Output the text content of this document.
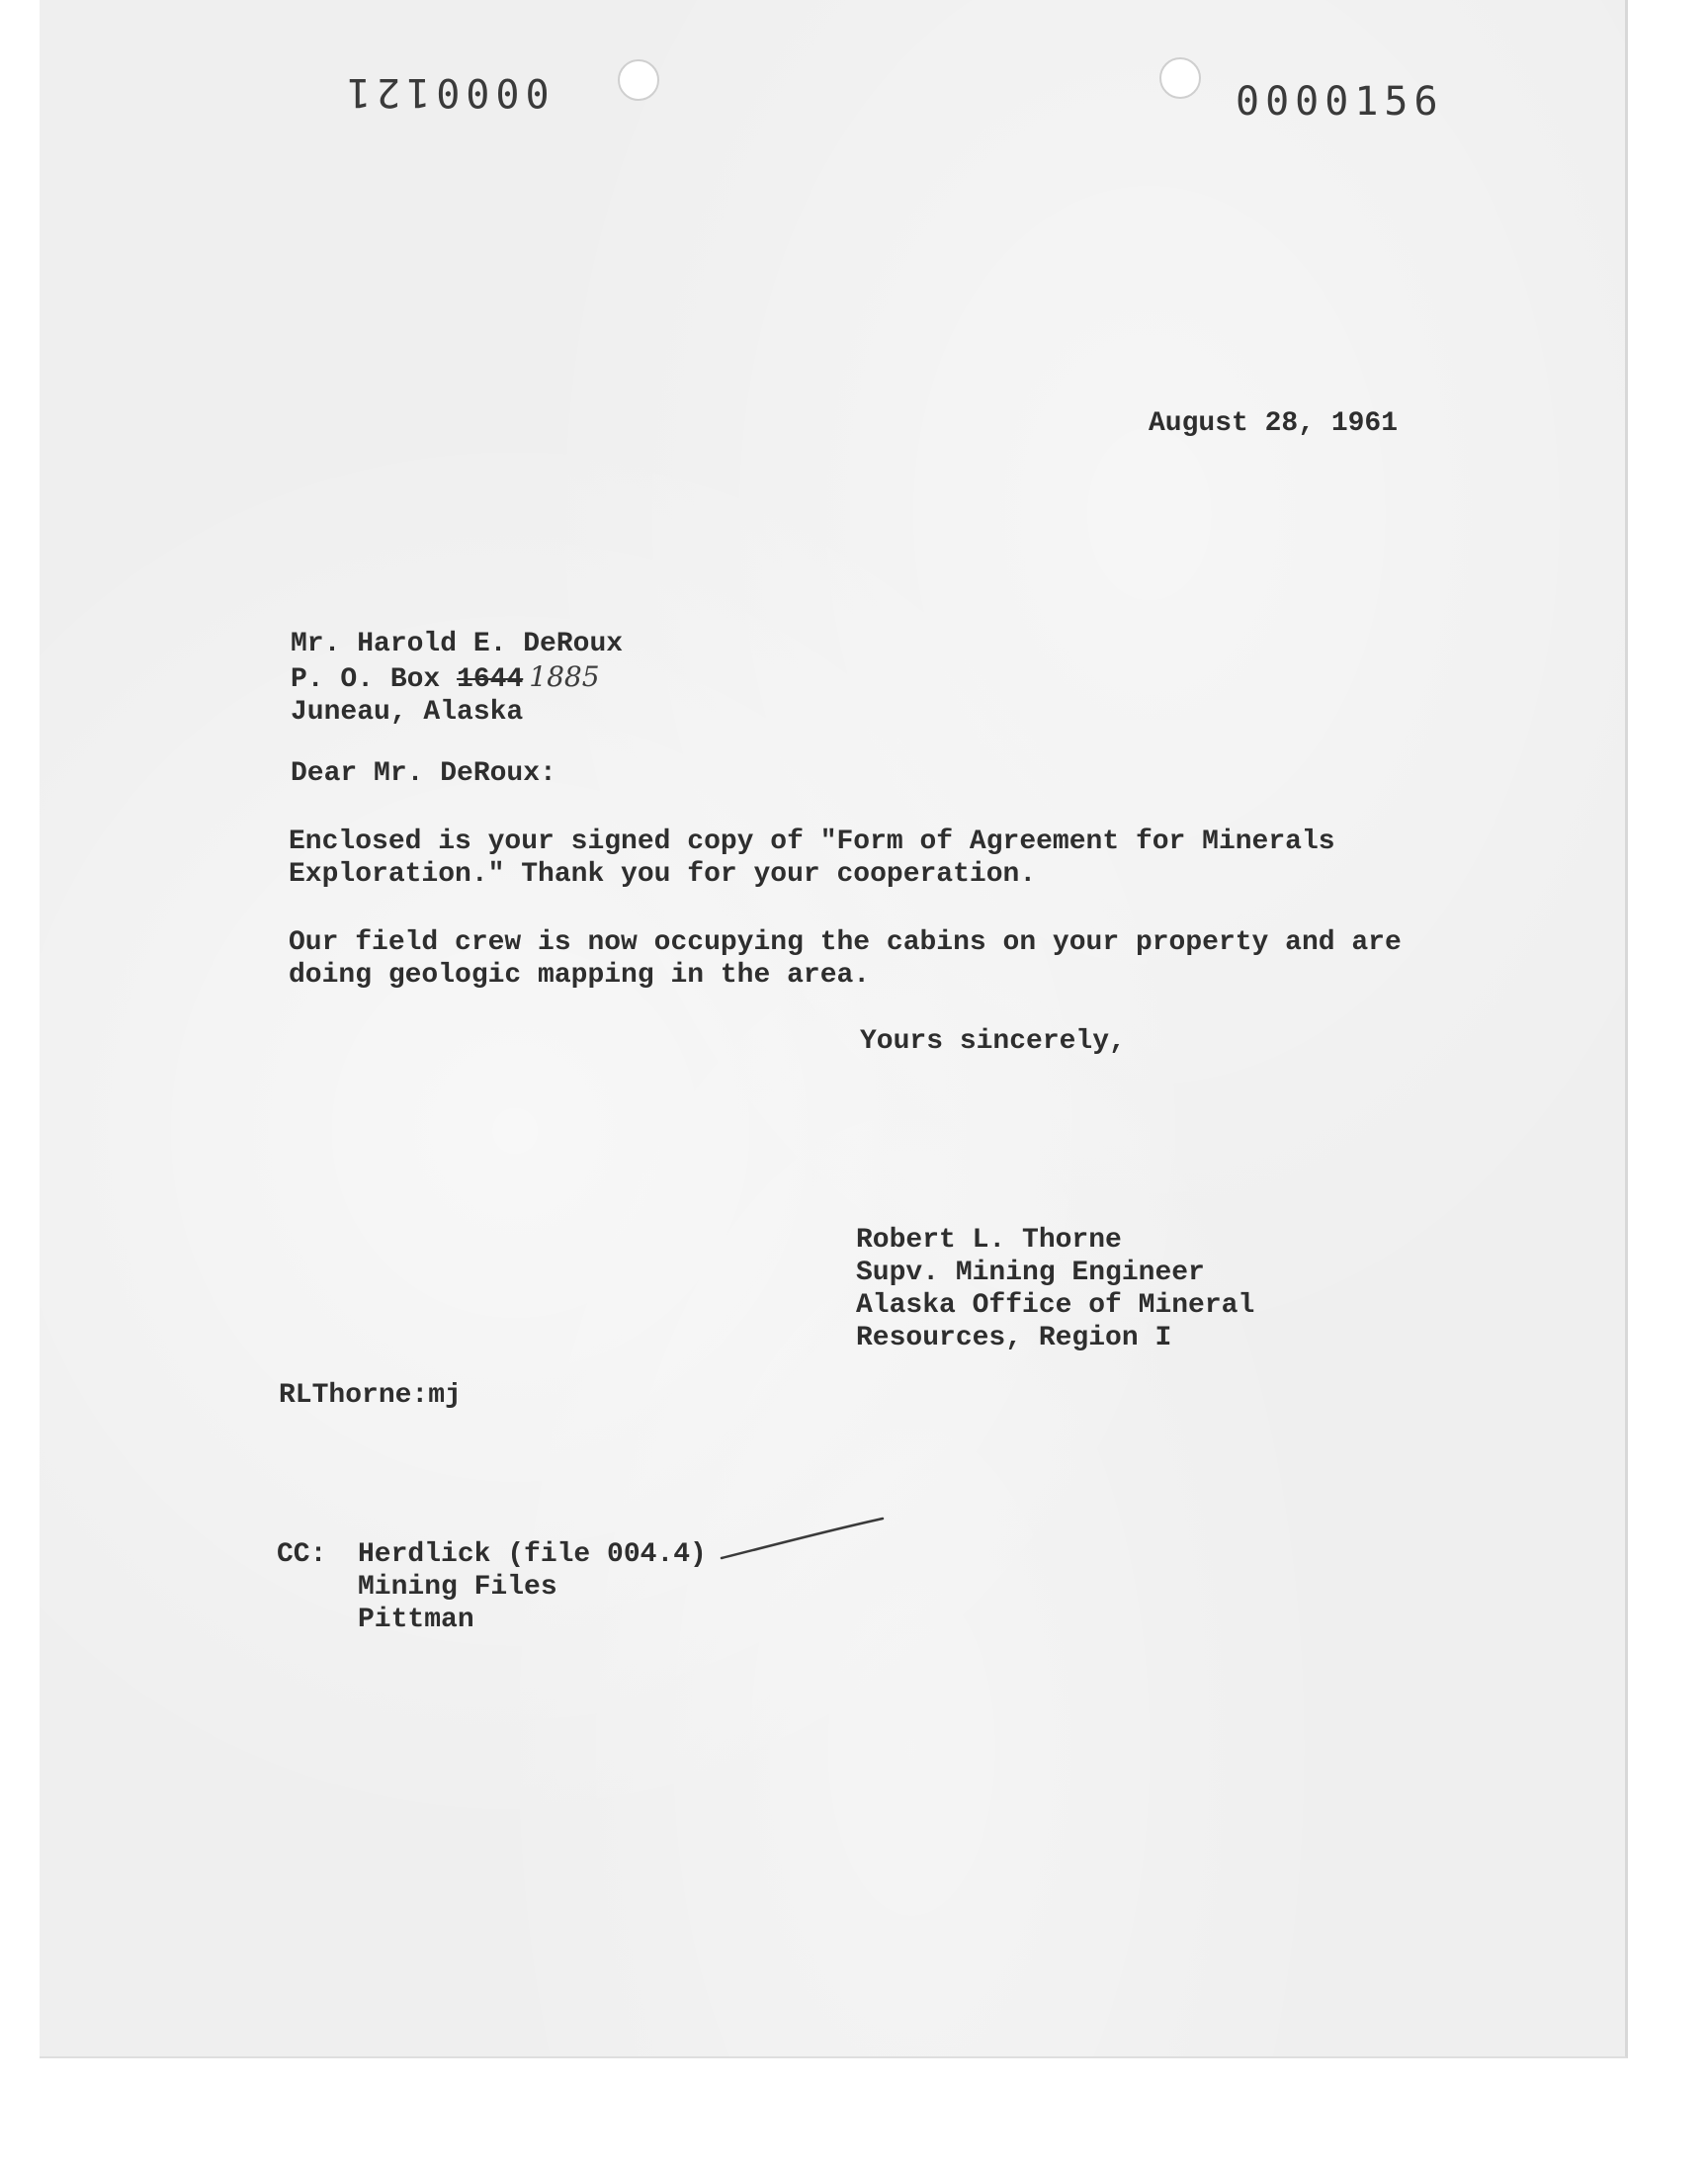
0000121	0000156
August 28, 1961
Mr. Harold E. DeRoux
P. O. Box 1644 1885
Juneau, Alaska
Dear Mr. DeRoux:
Enclosed is your signed copy of "Form of Agreement for Minerals
Exploration." Thank you for your cooperation.
Our field crew is now occupying the cabins on your property and are
doing geologic mapping in the area.
Yours sincerely,
Robert L. Thorne
Supv. Mining Engineer
Alaska Office of Mineral
Resources, Region I
RLThorne:mj
CC:	Herdlick (file 004.4)
Mining Files
Pittman
